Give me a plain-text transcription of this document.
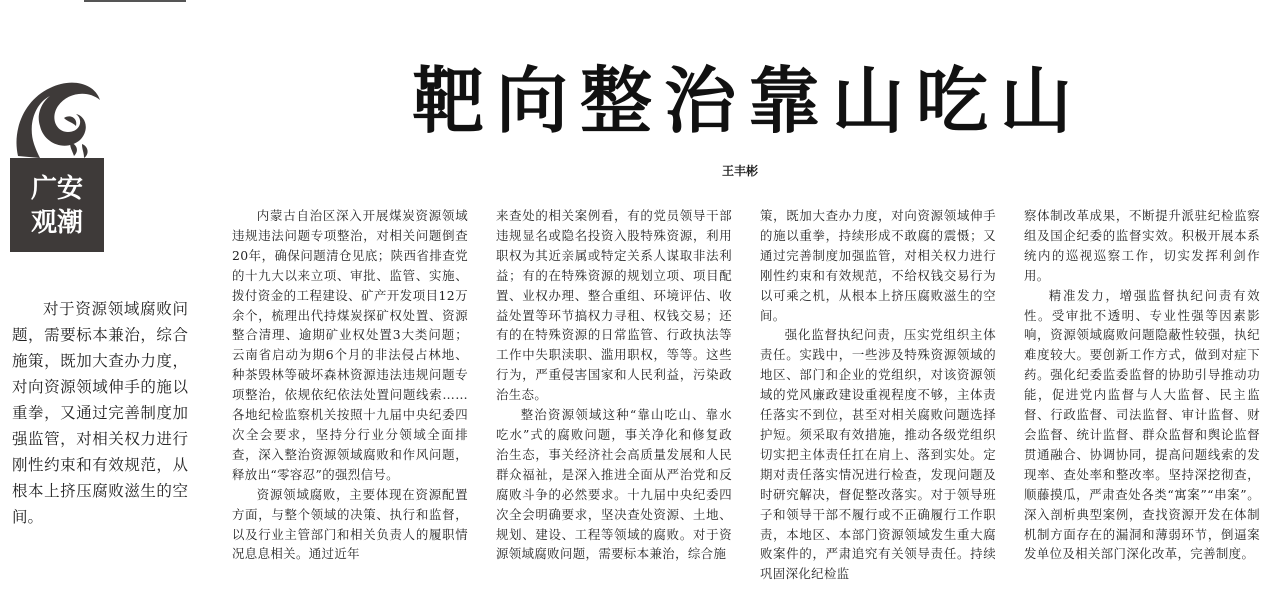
广安
观潮
靶向整治靠山吃山
王丰彬

对于资源领域腐败问题，需要标本兼治，综合施策，既加大查办力度，对向资源领域伸手的施以重拳，又通过完善制度加强监管，对相关权力进行刚性约束和有效规范，从根本上挤压腐败滋生的空间。

内蒙古自治区深入开展煤炭资源领域违规违法问题专项整治，对相关问题倒查20年，确保问题清仓见底；陕西省排查党的十九大以来立项、审批、监管、实施、拨付资金的工程建设、矿产开发项目12万余个，梳理出代持煤炭探矿权处置、资源整合清理、逾期矿业权处置3大类问题；云南省启动为期6个月的非法侵占林地、种茶毁林等破坏森林资源违法违规问题专项整治，依规依纪依法处置问题线索……各地纪检监察机关按照十九届中央纪委四次全会要求，坚持分行业分领域全面排查，深入整治资源领域腐败和作风问题，释放出“零容忍”的强烈信号。

资源领域腐败，主要体现在资源配置方面，与整个领域的决策、执行和监督，以及行业主管部门和相关负责人的履职情况息息相关。通过近年

来查处的相关案例看，有的党员领导干部违规显名或隐名投资入股特殊资源，利用职权为其近亲属或特定关系人谋取非法利益；有的在特殊资源的规划立项、项目配置、业权办理、整合重组、环境评估、收益处置等环节搞权力寻租、权钱交易；还有的在特殊资源的日常监管、行政执法等工作中失职渎职、滥用职权，等等。这些行为，严重侵害国家和人民利益，污染政治生态。

整治资源领域这种“靠山吃山、靠水吃水”式的腐败问题，事关净化和修复政治生态，事关经济社会高质量发展和人民群众福祉，是深入推进全面从严治党和反腐败斗争的必然要求。十九届中央纪委四次全会明确要求，坚决查处资源、土地、规划、建设、工程等领域的腐败。对于资源领域腐败问题，需要标本兼治，综合施

策，既加大查办力度，对向资源领域伸手的施以重拳，持续形成不敢腐的震慑；又通过完善制度加强监管，对相关权力进行刚性约束和有效规范，不给权钱交易行为以可乘之机，从根本上挤压腐败滋生的空间。

强化监督执纪问责，压实党组织主体责任。实践中，一些涉及特殊资源领域的地区、部门和企业的党组织，对该资源领域的党风廉政建设重视程度不够，主体责任落实不到位，甚至对相关腐败问题选择护短。须采取有效措施，推动各级党组织切实把主体责任扛在肩上、落到实处。定期对责任落实情况进行检查，发现问题及时研究解决，督促整改落实。对于领导班子和领导干部不履行或不正确履行工作职责，本地区、本部门资源领域发生重大腐败案件的，严肃追究有关领导责任。持续巩固深化纪检监

察体制改革成果，不断提升派驻纪检监察组及国企纪委的监督实效。积极开展本系统内的巡视巡察工作，切实发挥利剑作用。

精准发力，增强监督执纪问责有效性。受审批不透明、专业性强等因素影响，资源领域腐败问题隐蔽性较强，执纪难度较大。要创新工作方式，做到对症下药。强化纪委监委监督的协助引导推动功能，促进党内监督与人大监督、民主监督、行政监督、司法监督、审计监督、财会监督、统计监督、群众监督和舆论监督贯通融合、协调协同，提高问题线索的发现率、查处率和整改率。坚持深挖彻查，顺藤摸瓜，严肃查处各类“寓案”“串案”。深入剖析典型案例，查找资源开发在体制机制方面存在的漏洞和薄弱环节，倒逼案发单位及相关部门深化改革，完善制度。
